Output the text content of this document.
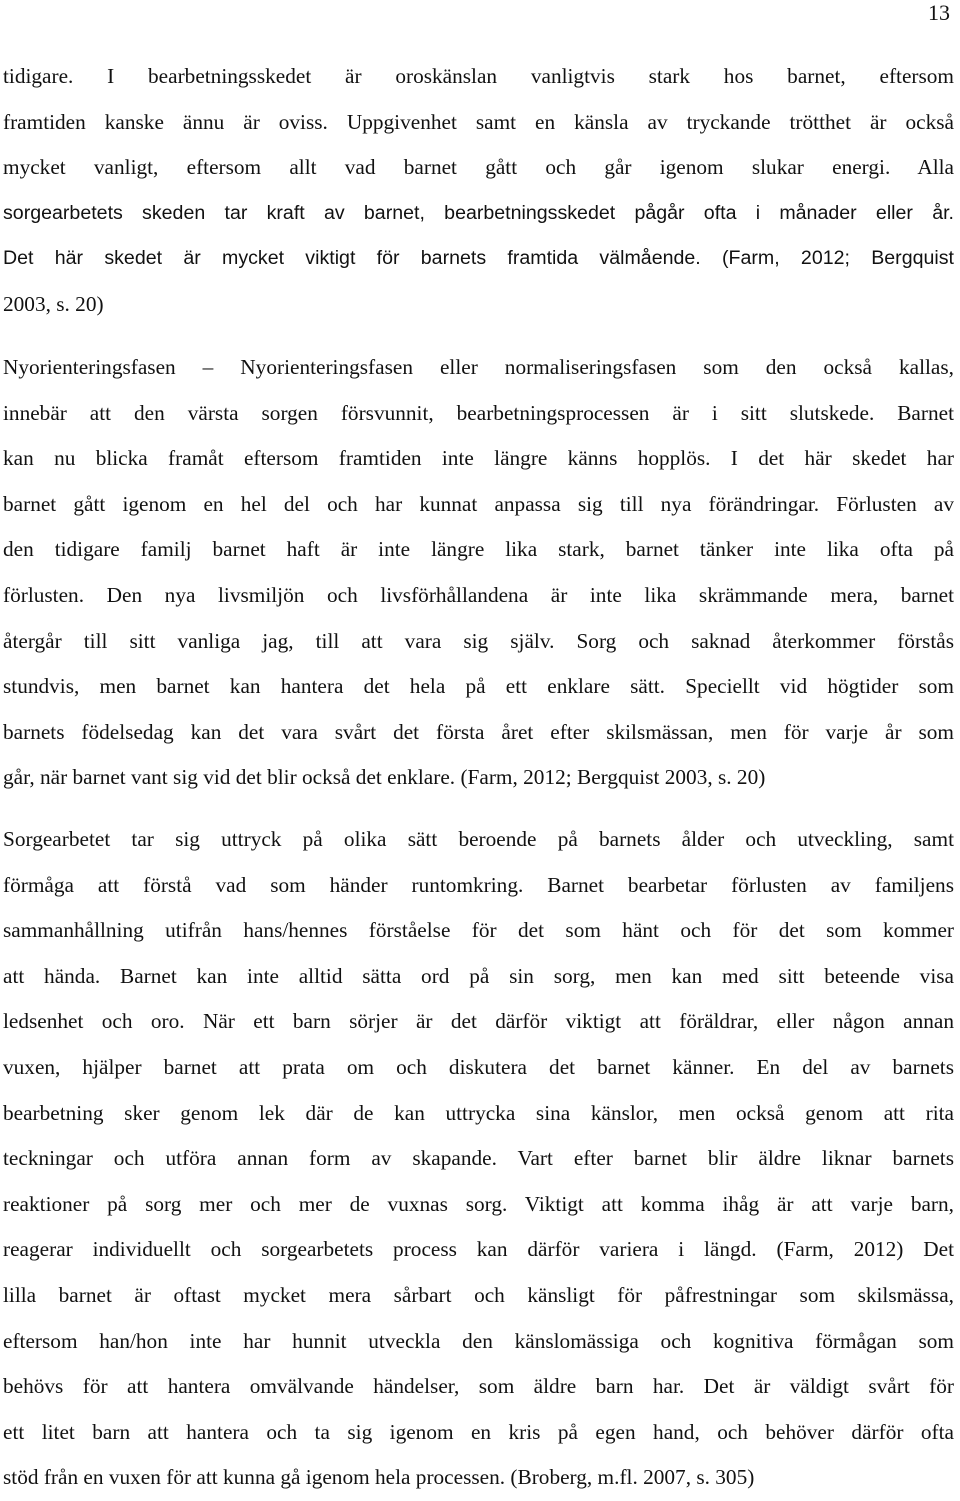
13

tidigare. I bearbetningsskedet är oroskänslan vanligtvis stark hos barnet, eftersom
framtiden kanske ännu är oviss. Uppgivenhet samt en känsla av tryckande trötthet är också
mycket vanligt, eftersom allt vad barnet gått och går igenom slukar energi. Alla
sorgearbetets skeden tar kraft av barnet, bearbetningsskedet pågår ofta i månader eller år.
Det här skedet är mycket viktigt för barnets framtida välmående. (Farm, 2012; Bergquist
2003, s. 20)

Nyorienteringsfasen – Nyorienteringsfasen eller normaliseringsfasen som den också kallas,
innebär att den värsta sorgen försvunnit, bearbetningsprocessen är i sitt slutskede. Barnet
kan nu blicka framåt eftersom framtiden inte längre känns hopplös. I det här skedet har
barnet gått igenom en hel del och har kunnat anpassa sig till nya förändringar. Förlusten av
den tidigare familj barnet haft är inte längre lika stark, barnet tänker inte lika ofta på
förlusten. Den nya livsmiljön och livsförhållandena är inte lika skrämmande mera, barnet
återgår till sitt vanliga jag, till att vara sig själv. Sorg och saknad återkommer förstås
stundvis, men barnet kan hantera det hela på ett enklare sätt. Speciellt vid högtider som
barnets födelsedag kan det vara svårt det första året efter skilsmässan, men för varje år som
går, när barnet vant sig vid det blir också det enklare. (Farm, 2012; Bergquist 2003, s. 20)

Sorgearbetet tar sig uttryck på olika sätt beroende på barnets ålder och utveckling, samt
förmåga att förstå vad som händer runtomkring. Barnet bearbetar förlusten av familjens
sammanhållning utifrån hans/hennes förståelse för det som hänt och för det som kommer
att hända. Barnet kan inte alltid sätta ord på sin sorg, men kan med sitt beteende visa
ledsenhet och oro. När ett barn sörjer är det därför viktigt att föräldrar, eller någon annan
vuxen, hjälper barnet att prata om och diskutera det barnet känner. En del av barnets
bearbetning sker genom lek där de kan uttrycka sina känslor, men också genom att rita
teckningar och utföra annan form av skapande. Vart efter barnet blir äldre liknar barnets
reaktioner på sorg mer och mer de vuxnas sorg. Viktigt att komma ihåg är att varje barn,
reagerar individuellt och sorgearbetets process kan därför variera i längd. (Farm, 2012) Det
lilla barnet är oftast mycket mera sårbart och känsligt för påfrestningar som skilsmässa,
eftersom han/hon inte har hunnit utveckla den känslomässiga och kognitiva förmågan som
behövs för att hantera omvälvande händelser, som äldre barn har. Det är väldigt svårt för
ett litet barn att hantera och ta sig igenom en kris på egen hand, och behöver därför ofta
stöd från en vuxen för att kunna gå igenom hela processen. (Broberg, m.fl. 2007, s. 305)
